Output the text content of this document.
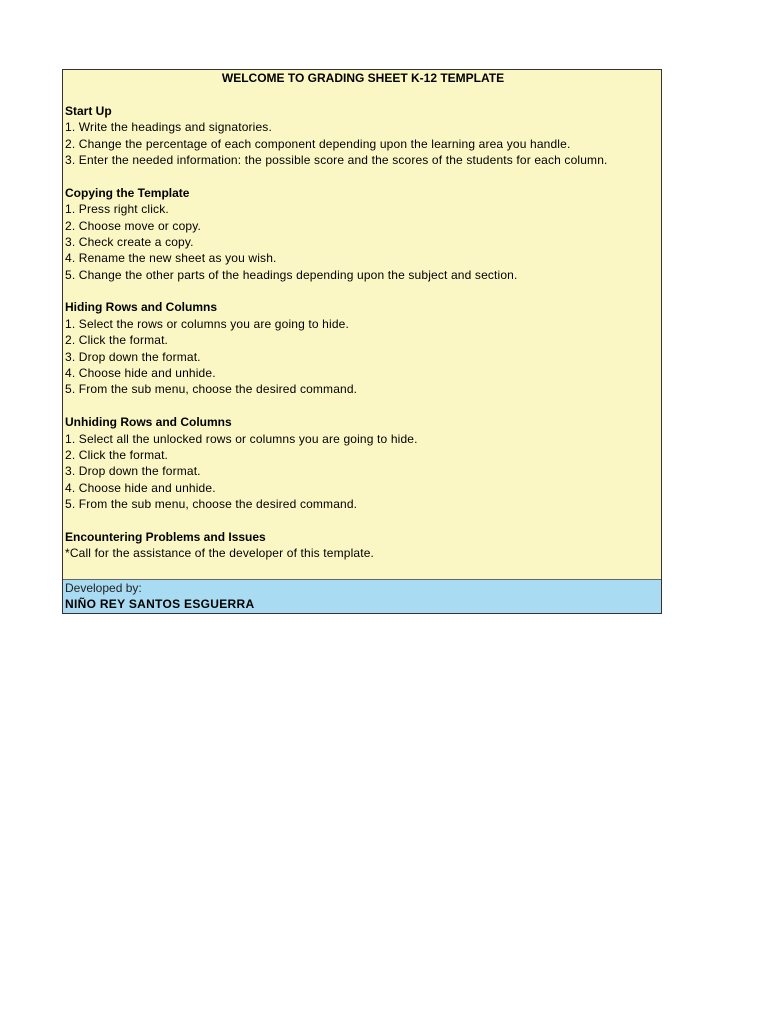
WELCOME TO GRADING SHEET K-12 TEMPLATE
Start Up
1. Write the headings and signatories.
2. Change the percentage of each component depending upon the learning area you handle.
3. Enter the needed information: the possible score and the scores of the students for each column.
Copying the Template
1. Press right click.
2. Choose move or copy.
3. Check create a copy.
4. Rename the new sheet as you wish.
5. Change the other parts of the headings depending upon the subject and section.
Hiding Rows and Columns
1. Select the rows or columns you are going to hide.
2. Click the format.
3. Drop down the format.
4. Choose hide and unhide.
5. From the sub menu, choose the desired command.
Unhiding Rows and Columns
1. Select all the unlocked rows or columns you are going to hide.
2. Click the format.
3. Drop down the format.
4. Choose hide and unhide.
5. From the sub menu, choose the desired command.
Encountering Problems and Issues
*Call for the assistance of the developer of this template.
Developed by:
NIÑO REY SANTOS ESGUERRA
